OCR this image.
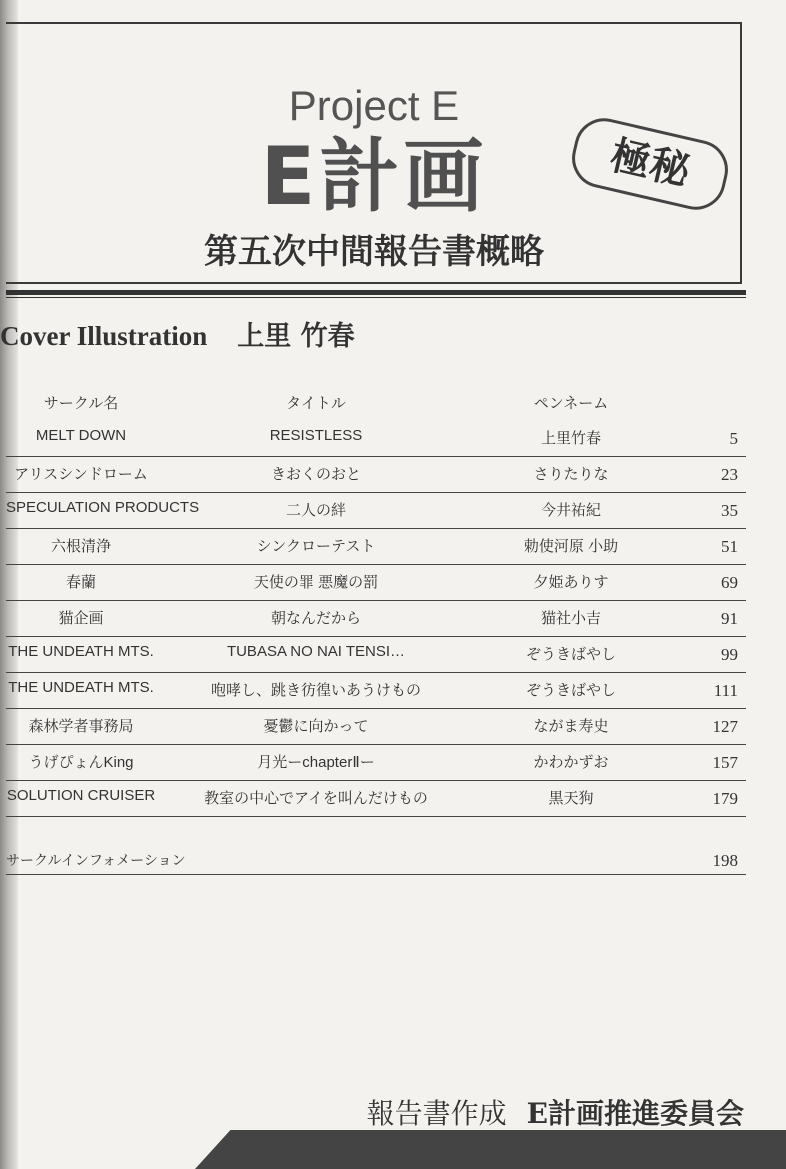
Project E
E計画
第五次中間報告書概略
極秘
Cover Illustration 上里 竹春
サークル名	タイトル	ペンネーム
MELT DOWN	RESISTLESS	上里竹春	5
アリスシンドローム	きおくのおと	さりたりな	23
SPECULATION PRODUCTS	二人の絆	今井祐紀	35
六根清浄	シンクローテスト	勅使河原 小助	51
春蘭	天使の罪 悪魔の罰	夕姫ありす	69
猫企画	朝なんだから	猫社小吉	91
THE UNDEATH MTS.	TUBASA NO NAI TENSI…	ぞうきばやし	99
THE UNDEATH MTS.	咆哮し、跳き彷徨いあうけもの	ぞうきばやし	111
森林学者事務局	憂鬱に向かって	ながま寿史	127
うげぴょんKing	月光ーchapterⅡー	かわかずお	157
SOLUTION CRUISER	教室の中心でアイを叫んだけもの	黒天狗	179
サークルインフォメーション	198
報告書作成 E計画推進委員会
